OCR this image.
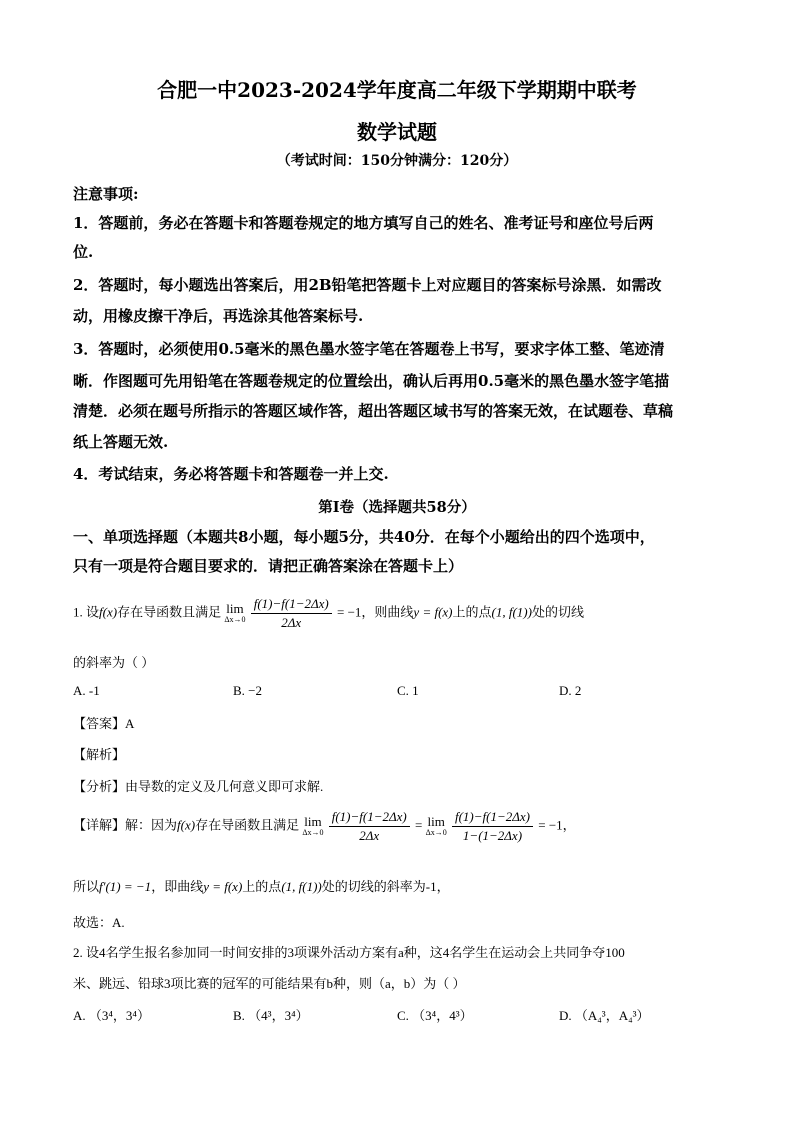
合肥一中2023-2024学年度高二年级下学期期中联考
数学试题
（考试时间：150分钟满分：120分）
注意事项:
1．答题前，务必在答题卡和答题卷规定的地方填写自己的姓名、准考证号和座位号后两
位.
2．答题时，每小题选出答案后，用2B铅笔把答题卡上对应题目的答案标号涂黑．如需改
动，用橡皮擦干净后，再选涂其他答案标号.
3．答题时，必须使用0.5毫米的黑色墨水签字笔在答题卷上书写，要求字体工整、笔迹清
晰．作图题可先用铅笔在答题卷规定的位置绘出，确认后再用0.5毫米的黑色墨水签字笔描
清楚．必须在题号所指示的答题区域作答，超出答题区域书写的答案无效，在试题卷、草稿
纸上答题无效.
4．考试结束，务必将答题卡和答题卷一并上交.
第Ⅰ卷（选择题共58分）
一、单项选择题（本题共8小题，每小题5分，共40分．在每个小题给出的四个选项中，
只有一项是符合题目要求的．请把正确答案涂在答题卡上）
1. 设f(x)存在导函数且满足 lim
Δx→0
$\frac{f(1)-f(1-2\Delta x)}{2\Delta x} = -1$，则曲线y = f(x)上的点(1, f(1))处的切线
的斜率为（ ）
A. -1	B. −2	C. 1	D. 2
【答案】A
【解析】
【分析】由导数的定义及几何意义即可求解.
【详解】解：因为f(x)存在导函数且满足 lim
Δx→0
$\frac{f(1)-f(1-2\Delta x)}{2\Delta x} = \lim$
Δx→0
$\frac{f(1)-f(1-2\Delta x)}{1-(1-2\Delta x)} = -1$，
所以f′(1) = −1，即曲线y = f(x)上的点(1, f(1))处的切线的斜率为-1，
故选：A.
2. 设4名学生报名参加同一时间安排的3项课外活动方案有a种，这4名学生在运动会上共同争夺100
米、跳远、铅球3项比赛的冠军的可能结果有b种，则（a，b）为（ ）
A. （3⁴，3⁴）	B. （4³，3⁴）	C. （3⁴，4³）	D. （A₄³，A₄³）
